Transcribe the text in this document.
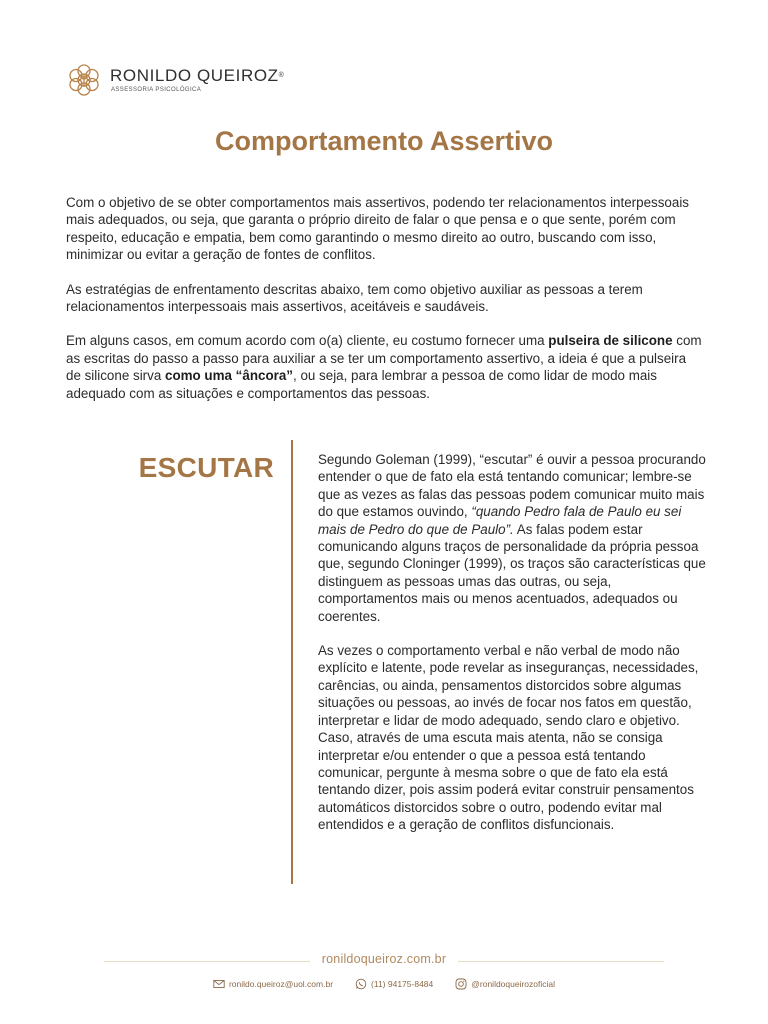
RONILDO QUEIROZ®
ASSESSORIA PSICOLÓGICA
Comportamento Assertivo

Com o objetivo de se obter comportamentos mais assertivos, podendo ter relacionamentos interpessoais mais adequados, ou seja, que garanta o próprio direito de falar o que pensa e o que sente, porém com respeito, educação e empatia, bem como garantindo o mesmo direito ao outro, buscando com isso, minimizar ou evitar a geração de fontes de conflitos.

As estratégias de enfrentamento descritas abaixo, tem como objetivo auxiliar as pessoas a terem relacionamentos interpessoais mais assertivos, aceitáveis e saudáveis.

Em alguns casos, em comum acordo com o(a) cliente, eu costumo fornecer uma pulseira de silicone com as escritas do passo a passo para auxiliar a se ter um comportamento assertivo, a ideia é que a pulseira de silicone sirva como uma “âncora”, ou seja, para lembrar a pessoa de como lidar de modo mais adequado com as situações e comportamentos das pessoas.

ESCUTAR	Segundo Goleman (1999), “escutar” é ouvir a pessoa procurando entender o que de fato ela está tentando comunicar; lembre-se que as vezes as falas das pessoas podem comunicar muito mais do que estamos ouvindo, “quando Pedro fala de Paulo eu sei mais de Pedro do que de Paulo”. As falas podem estar comunicando alguns traços de personalidade da própria pessoa que, segundo Cloninger (1999), os traços são características que distinguem as pessoas umas das outras, ou seja, comportamentos mais ou menos acentuados, adequados ou coerentes.

As vezes o comportamento verbal e não verbal de modo não explícito e latente, pode revelar as inseguranças, necessidades, carências, ou ainda, pensamentos distorcidos sobre algumas situações ou pessoas, ao invés de focar nos fatos em questão, interpretar e lidar de modo adequado, sendo claro e objetivo. Caso, através de uma escuta mais atenta, não se consiga interpretar e/ou entender o que a pessoa está tentando comunicar, pergunte à mesma sobre o que de fato ela está tentando dizer, pois assim poderá evitar construir pensamentos automáticos distorcidos sobre o outro, podendo evitar mal entendidos e a geração de conflitos disfuncionais.

ronildoqueiroz.com.br
ronildo.queiroz@uol.com.br	(11) 94175-8484	@ronildoqueirozoficial
